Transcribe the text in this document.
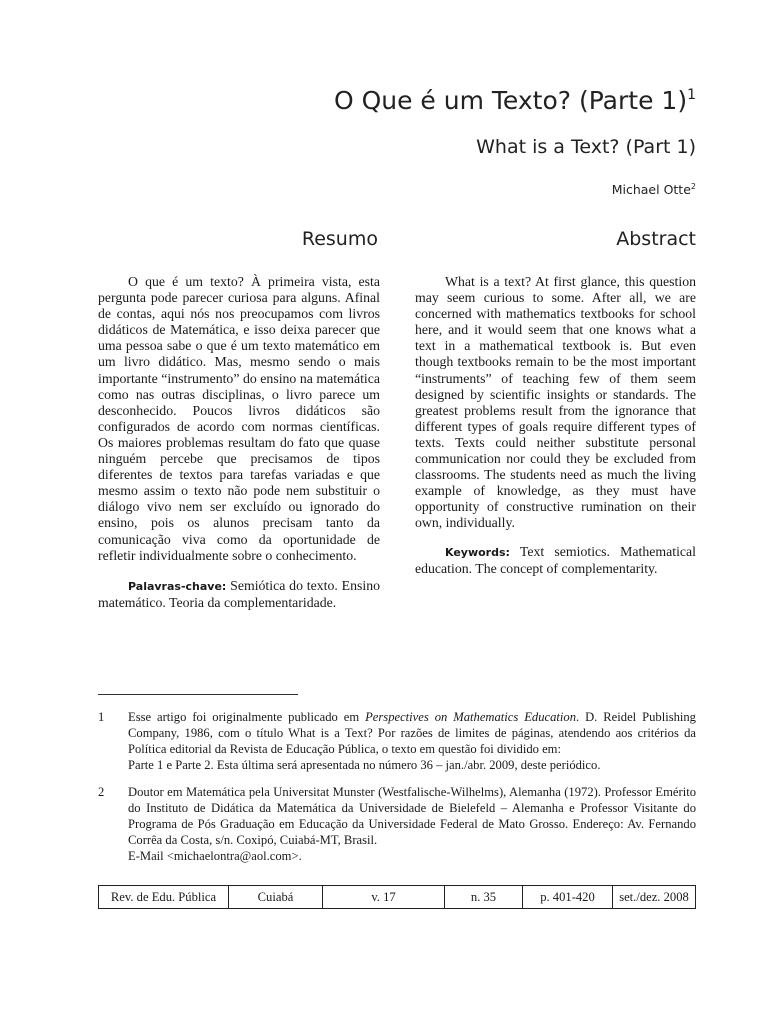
O Que é um Texto? (Parte 1)$^1$
What is a Text? (Part 1)
Michael Otte$^2$
Resumo	Abstract

O que é um texto? À primeira vista, esta pergunta pode parecer curiosa para alguns. Afinal de contas, aqui nós nos preocupamos com livros didáticos de Matemática, e isso deixa parecer que uma pessoa sabe o que é um texto matemático em um livro didático. Mas, mesmo sendo o mais importante “instrumento” do ensino na matemática como nas outras disciplinas, o livro parece um desconhecido. Poucos livros didáticos são configurados de acordo com normas científicas. Os maiores problemas resultam do fato que quase ninguém percebe que precisamos de tipos diferentes de textos para tarefas variadas e que mesmo assim o texto não pode nem substituir o diálogo vivo nem ser excluído ou ignorado do ensino, pois os alunos precisam tanto da comunicação viva como da oportunidade de refletir individualmente sobre o conhecimento.

Palavras-chave: Semiótica do texto. Ensino matemático. Teoria da complementaridade.

What is a text? At first glance, this question may seem curious to some. After all, we are concerned with mathematics textbooks for school here, and it would seem that one knows what a text in a mathematical textbook is. But even though textbooks remain to be the most important “instruments” of teaching few of them seem designed by scientific insights or standards. The greatest problems result from the ignorance that different types of goals require different types of texts. Texts could neither substitute personal communication nor could they be excluded from classrooms. The students need as much the living example of knowledge, as they must have opportunity of constructive rumination on their own, individually.

Keywords: Text semiotics. Mathematical education. The concept of complementarity.

1 Esse artigo foi originalmente publicado em Perspectives on Mathematics Education. D. Reidel Publishing Company, 1986, com o título What is a Text? Por razões de limites de páginas, atendendo aos critérios da Política editorial da Revista de Educação Pública, o texto em questão foi dividido em:
Parte 1 e Parte 2. Esta última será apresentada no número 36 – jan./abr. 2009, deste periódico.
2 Doutor em Matemática pela Universitat Munster (Westfalische-Wilhelms), Alemanha (1972). Professor Emérito do Instituto de Didática da Matemática da Universidade de Bielefeld – Alemanha e Professor Visitante do Programa de Pós Graduação em Educação da Universidade Federal de Mato Grosso. Endereço: Av. Fernando Corrêa da Costa, s/n. Coxipó, Cuiabá-MT, Brasil.
E-Mail <michaelontra@aol.com>.
Rev. de Edu. Pública	Cuiabá	v. 17	n. 35	p. 401-420	set./dez. 2008
